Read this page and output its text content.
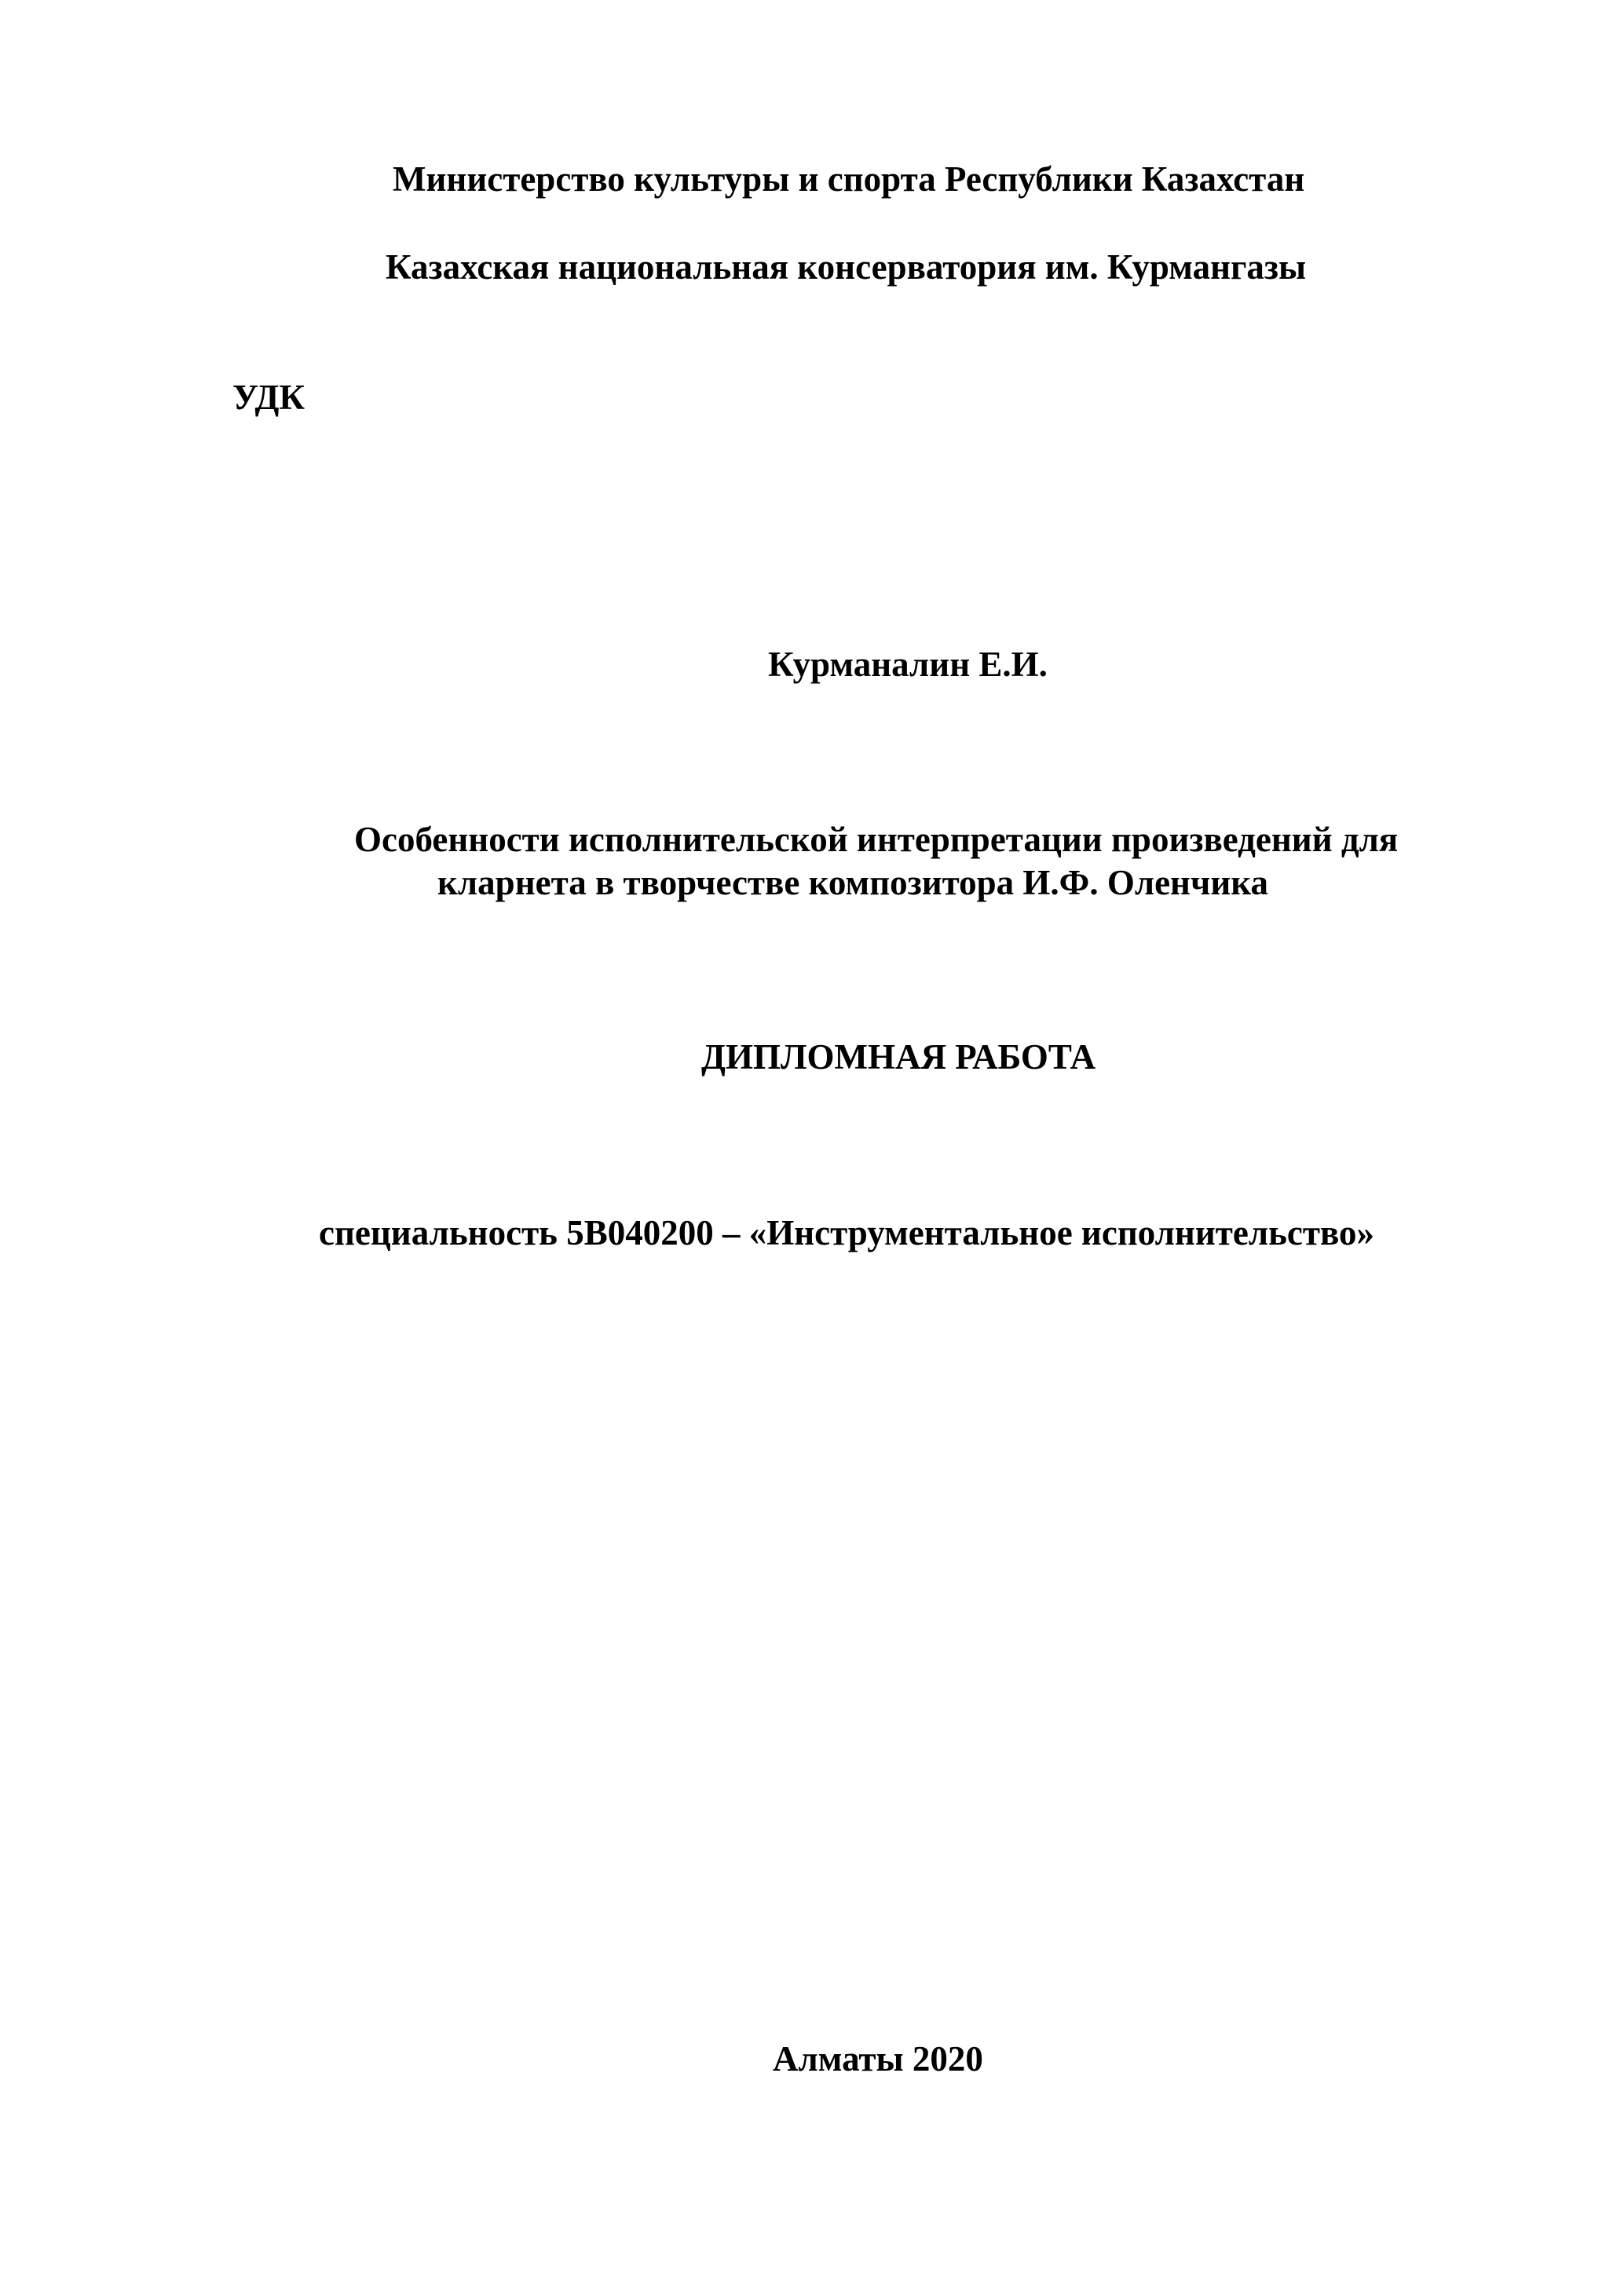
Министерство культуры и спорта Республики Казахстан

Казахская национальная консерватория им. Курмангазы

УДК

Курманалин Е.И.

Особенности исполнительской интерпретации произведений для

кларнета в творчестве композитора И.Ф. Оленчика

ДИПЛОМНАЯ РАБОТА

специальность 5В040200 – «Инструментальное исполнительство»

Алматы 2020
